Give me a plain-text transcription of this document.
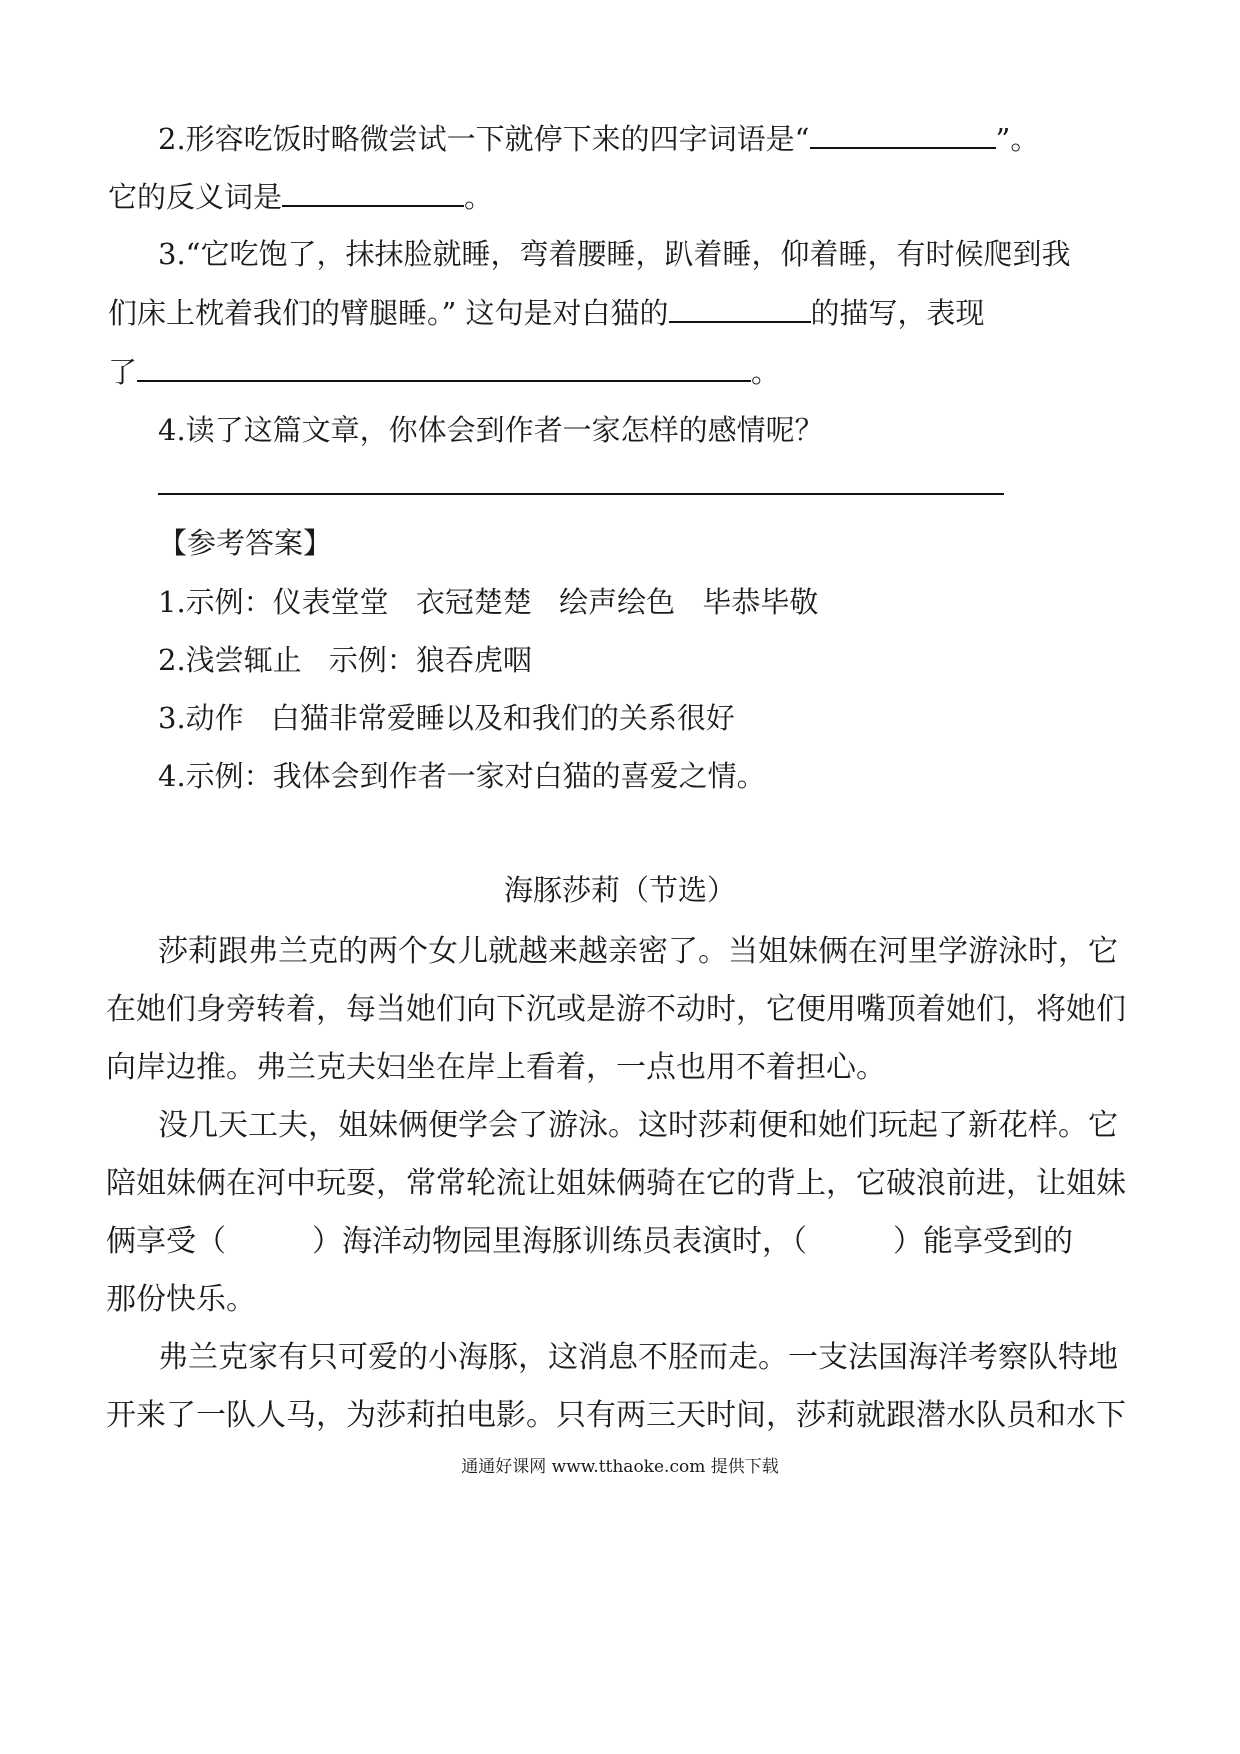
2.形容吃饭时略微尝试一下就停下来的四字词语是“	”。
它的反义词是	。
3.“它吃饱了，抹抹脸就睡，弯着腰睡，趴着睡，仰着睡，有时候爬到我
们床上枕着我们的臂腿睡。” 这句是对白猫的	的描写，表现
了	。
4.读了这篇文章，你体会到作者一家怎样的感情呢？
【参考答案】
1.示例：仪表堂堂 衣冠楚楚 绘声绘色 毕恭毕敬
2.浅尝辄止 示例：狼吞虎咽
3.动作 白猫非常爱睡以及和我们的关系很好
4.示例：我体会到作者一家对白猫的喜爱之情。
海豚莎莉（节选）
莎莉跟弗兰克的两个女儿就越来越亲密了。当姐妹俩在河里学游泳时，它
在她们身旁转着，每当她们向下沉或是游不动时，它便用嘴顶着她们，将她们
向岸边推。弗兰克夫妇坐在岸上看着，一点也用不着担心。
没几天工夫，姐妹俩便学会了游泳。这时莎莉便和她们玩起了新花样。它
陪姐妹俩在河中玩耍，常常轮流让姐妹俩骑在它的背上，它破浪前进，让姐妹
俩享受（	）海洋动物园里海豚训练员表演时，（	）能享受到的
那份快乐。
弗兰克家有只可爱的小海豚，这消息不胫而走。一支法国海洋考察队特地
开来了一队人马，为莎莉拍电影。只有两三天时间，莎莉就跟潜水队员和水下
通通好课网 www.tthaoke.com 提供下载
